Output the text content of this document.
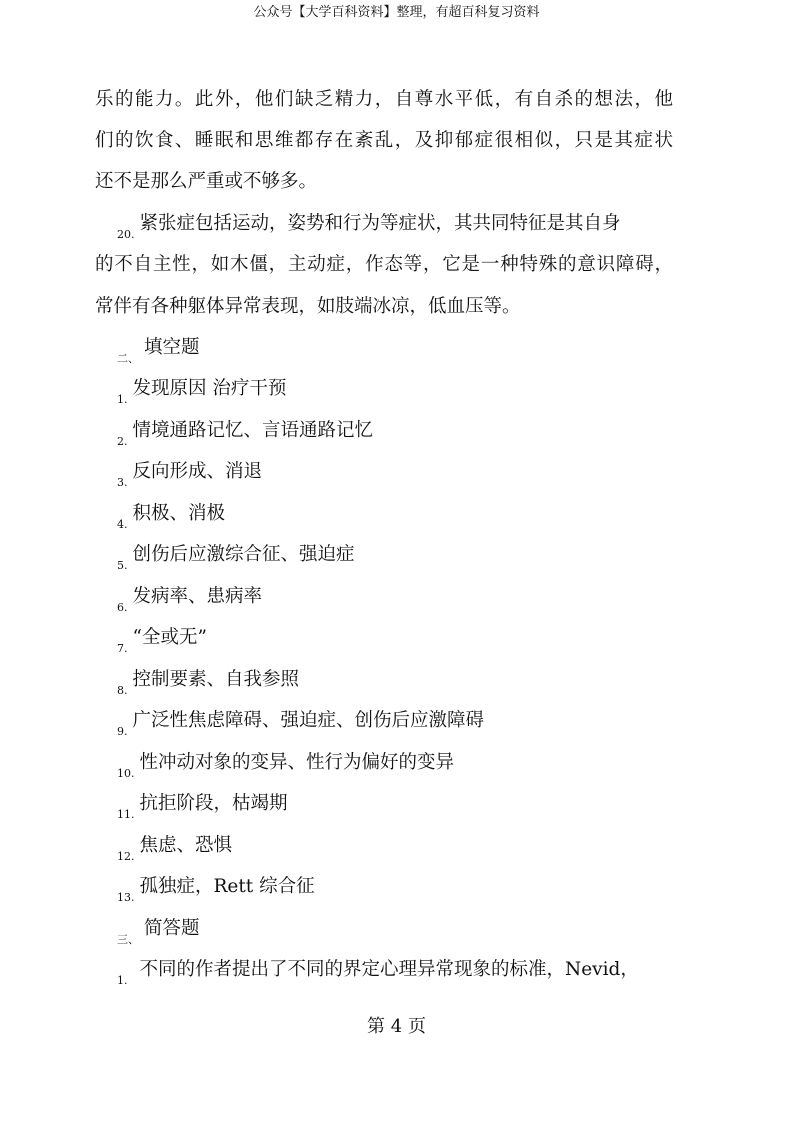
公众号【大学百科资料】整理，有超百科复习资料
乐的能力。此外，他们缺乏精力，自尊水平低，有自杀的想法，他
们的饮食、睡眠和思维都存在紊乱，及抑郁症很相似，只是其症状
还不是那么严重或不够多。
20.紧张症包括运动，姿势和行为等症状，其共同特征是其自身
的不自主性，如木僵，主动症，作态等，它是一种特殊的意识障碍，
常伴有各种躯体异常表现，如肢端冰凉，低血压等。
二、填空题
1.发现原因 治疗干预
2.情境通路记忆、言语通路记忆
3.反向形成、消退
4.积极、消极
5.创伤后应激综合征、强迫症
6.发病率、患病率
7.“全或无”
8.控制要素、自我参照
9.广泛性焦虑障碍、强迫症、创伤后应激障碍
10.性冲动对象的变异、性行为偏好的变异
11.抗拒阶段，枯竭期
12.焦虑、恐惧
13.孤独症，Rett 综合征
三、简答题
1.不同的作者提出了不同的界定心理异常现象的标准，Nevid，
第 4 页
